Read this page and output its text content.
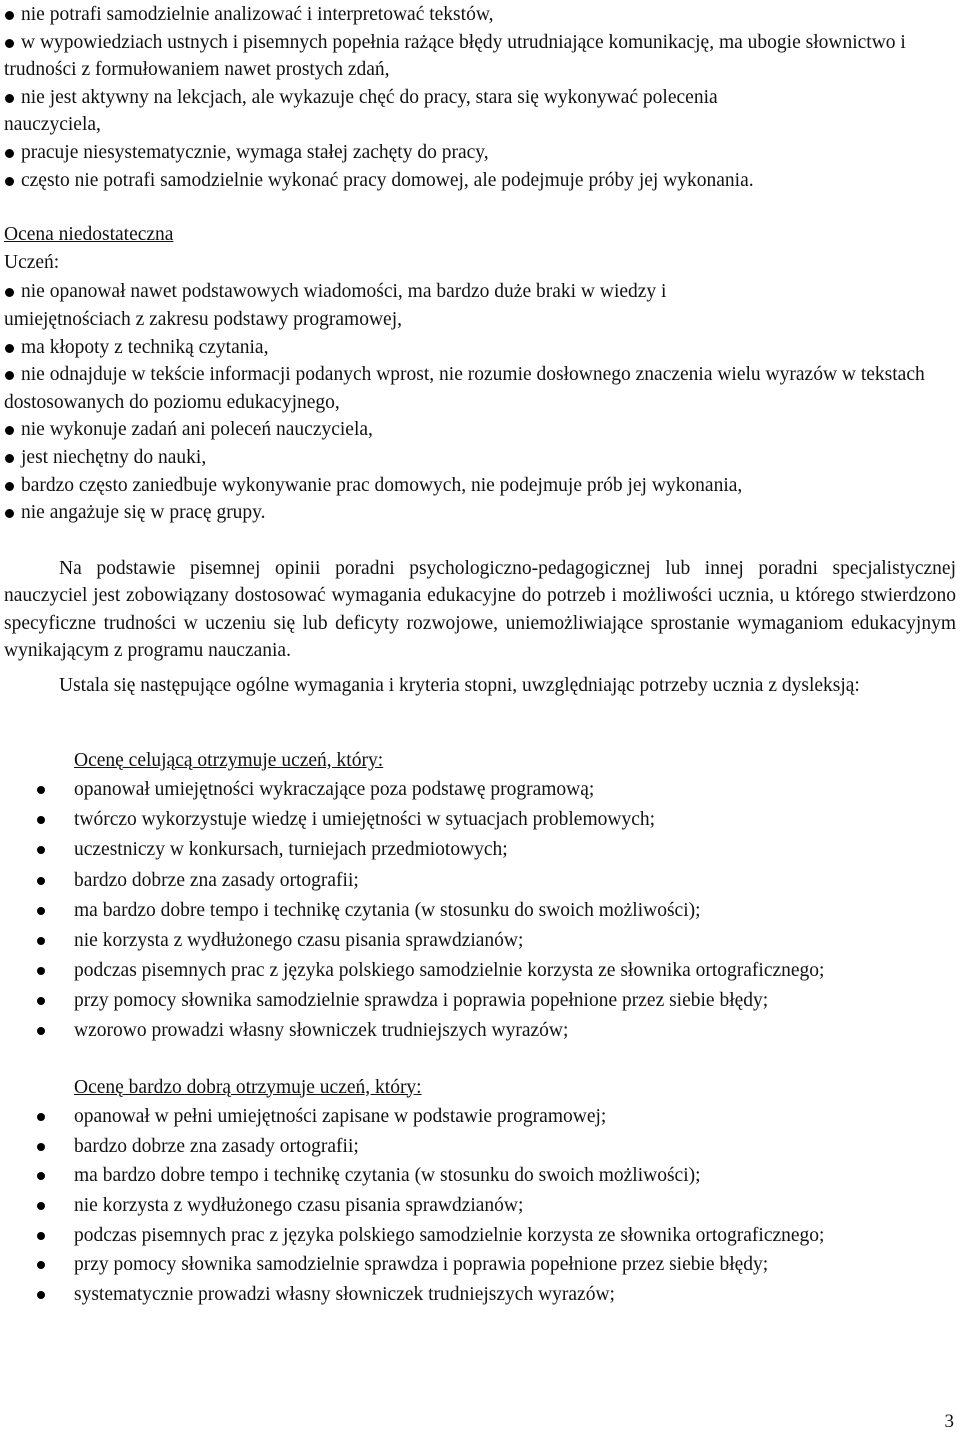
nie potrafi samodzielnie analizować i interpretować tekstów,
w wypowiedziach ustnych i pisemnych popełnia rażące błędy utrudniające komunikację, ma ubogie słownictwo i trudności z formułowaniem nawet prostych zdań,
nie jest aktywny na lekcjach, ale wykazuje chęć do pracy, stara się wykonywać polecenia nauczyciela,
pracuje niesystematycznie, wymaga stałej zachęty do pracy,
często nie potrafi samodzielnie wykonać pracy domowej, ale podejmuje próby jej wykonania.

Ocena niedostateczna

Uczeń:

nie opanował nawet podstawowych wiadomości, ma bardzo duże braki w wiedzy i umiejętnościach z zakresu podstawy programowej,
ma kłopoty z techniką czytania,
nie odnajduje w tekście informacji podanych wprost, nie rozumie dosłownego znaczenia wielu wyrazów w tekstach dostosowanych do poziomu edukacyjnego,
nie wykonuje zadań ani poleceń nauczyciela,
jest niechętny do nauki,
bardzo często zaniedbuje wykonywanie prac domowych, nie podejmuje prób jej wykonania,
nie angażuje się w pracę grupy.

Na podstawie pisemnej opinii poradni psychologiczno-pedagogicznej lub innej poradni specjalistycznej nauczyciel jest zobowiązany dostosować wymagania edukacyjne do potrzeb i możliwości ucznia, u którego stwierdzono specyficzne trudności w uczeniu się lub deficyty rozwojowe, uniemożliwiające sprostanie wymaganiom edukacyjnym wynikającym z programu nauczania.

Ustala się następujące ogólne wymagania i kryteria stopni, uwzględniając potrzeby ucznia z dysleksją:

Ocenę celującą otrzymuje uczeń, który:

opanował umiejętności wykraczające poza podstawę programową;
twórczo wykorzystuje wiedzę i umiejętności w sytuacjach problemowych;
uczestniczy w konkursach, turniejach przedmiotowych;
bardzo dobrze zna zasady ortografii;
ma bardzo dobre tempo i technikę czytania (w stosunku do swoich możliwości);
nie korzysta z wydłużonego czasu pisania sprawdzianów;
podczas pisemnych prac z języka polskiego samodzielnie korzysta ze słownika ortograficznego;
przy pomocy słownika samodzielnie sprawdza i poprawia popełnione przez siebie błędy;
wzorowo prowadzi własny słowniczek trudniejszych wyrazów;

Ocenę bardzo dobrą otrzymuje uczeń, który:

opanował w pełni umiejętności zapisane w podstawie programowej;
bardzo dobrze zna zasady ortografii;
ma bardzo dobre tempo i technikę czytania (w stosunku do swoich możliwości);
nie korzysta z wydłużonego czasu pisania sprawdzianów;
podczas pisemnych prac z języka polskiego samodzielnie korzysta ze słownika ortograficznego;
przy pomocy słownika samodzielnie sprawdza i poprawia popełnione przez siebie błędy;
systematycznie prowadzi własny słowniczek trudniejszych wyrazów;
3
